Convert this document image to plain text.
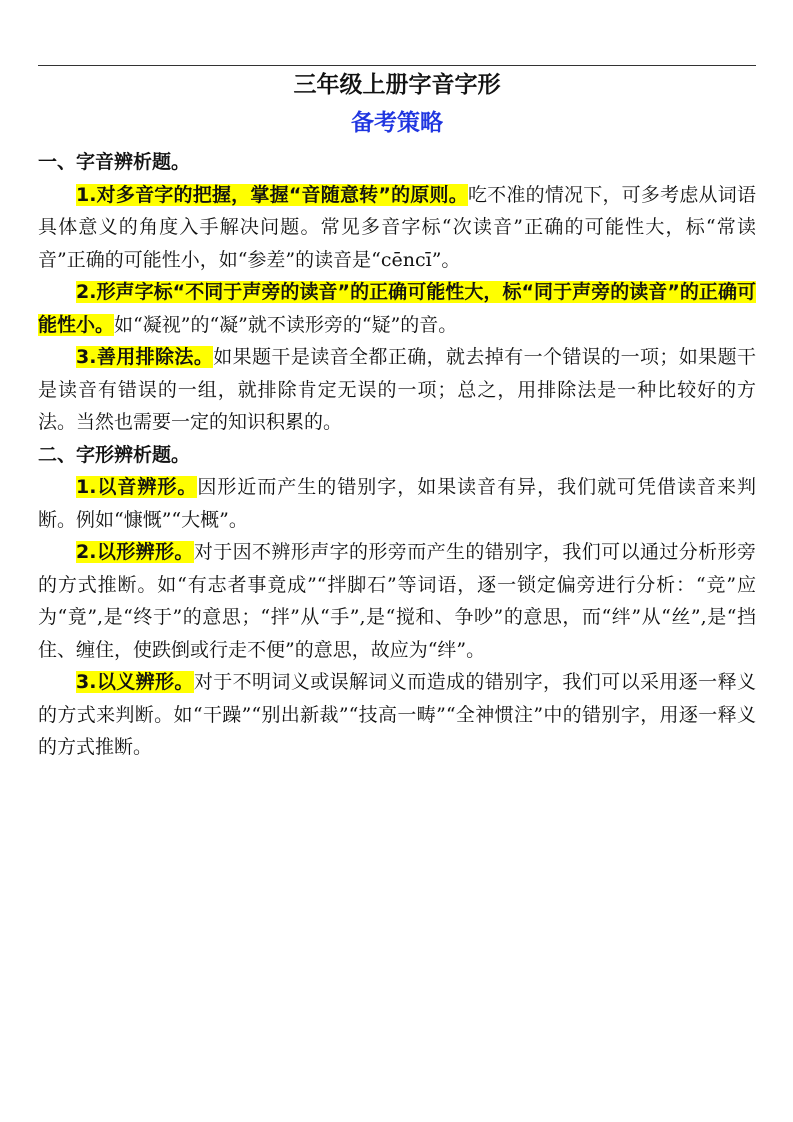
三年级上册字音字形
备考策略

一、字音辨析题。

1.对多音字的把握，掌握“音随意转”的原则。吃不准的情况下，可多考虑从词语具体意义的角度入手解决问题。常见多音字标“次读音”正确的可能性大，标“常读音”正确的可能性小，如“参差”的读音是“cēncī”。

2.形声字标“不同于声旁的读音”的正确可能性大，标“同于声旁的读音”的正确可能性小。如“凝视”的“凝”就不读形旁的“疑”的音。

3.善用排除法。如果题干是读音全都正确，就去掉有一个错误的一项；如果题干是读音有错误的一组，就排除肯定无误的一项；总之，用排除法是一种比较好的方法。当然也需要一定的知识积累的。

二、字形辨析题。

1.以音辨形。因形近而产生的错别字，如果读音有异，我们就可凭借读音来判断。例如“慷慨”“大概”。

2.以形辨形。对于因不辨形声字的形旁而产生的错别字，我们可以通过分析形旁的方式推断。如“有志者事竟成”“拌脚石”等词语，逐一锁定偏旁进行分析：“竞”应为“竟”,是“终于”的意思；“拌”从“手”,是“搅和、争吵”的意思，而“绊”从“丝”,是“挡住、缠住，使跌倒或行走不便”的意思，故应为“绊”。

3.以义辨形。对于不明词义或误解词义而造成的错别字，我们可以采用逐一释义的方式来判断。如“干躁”“别出新裁”“技高一畴”“全神惯注”中的错别字，用逐一释义的方式推断。
